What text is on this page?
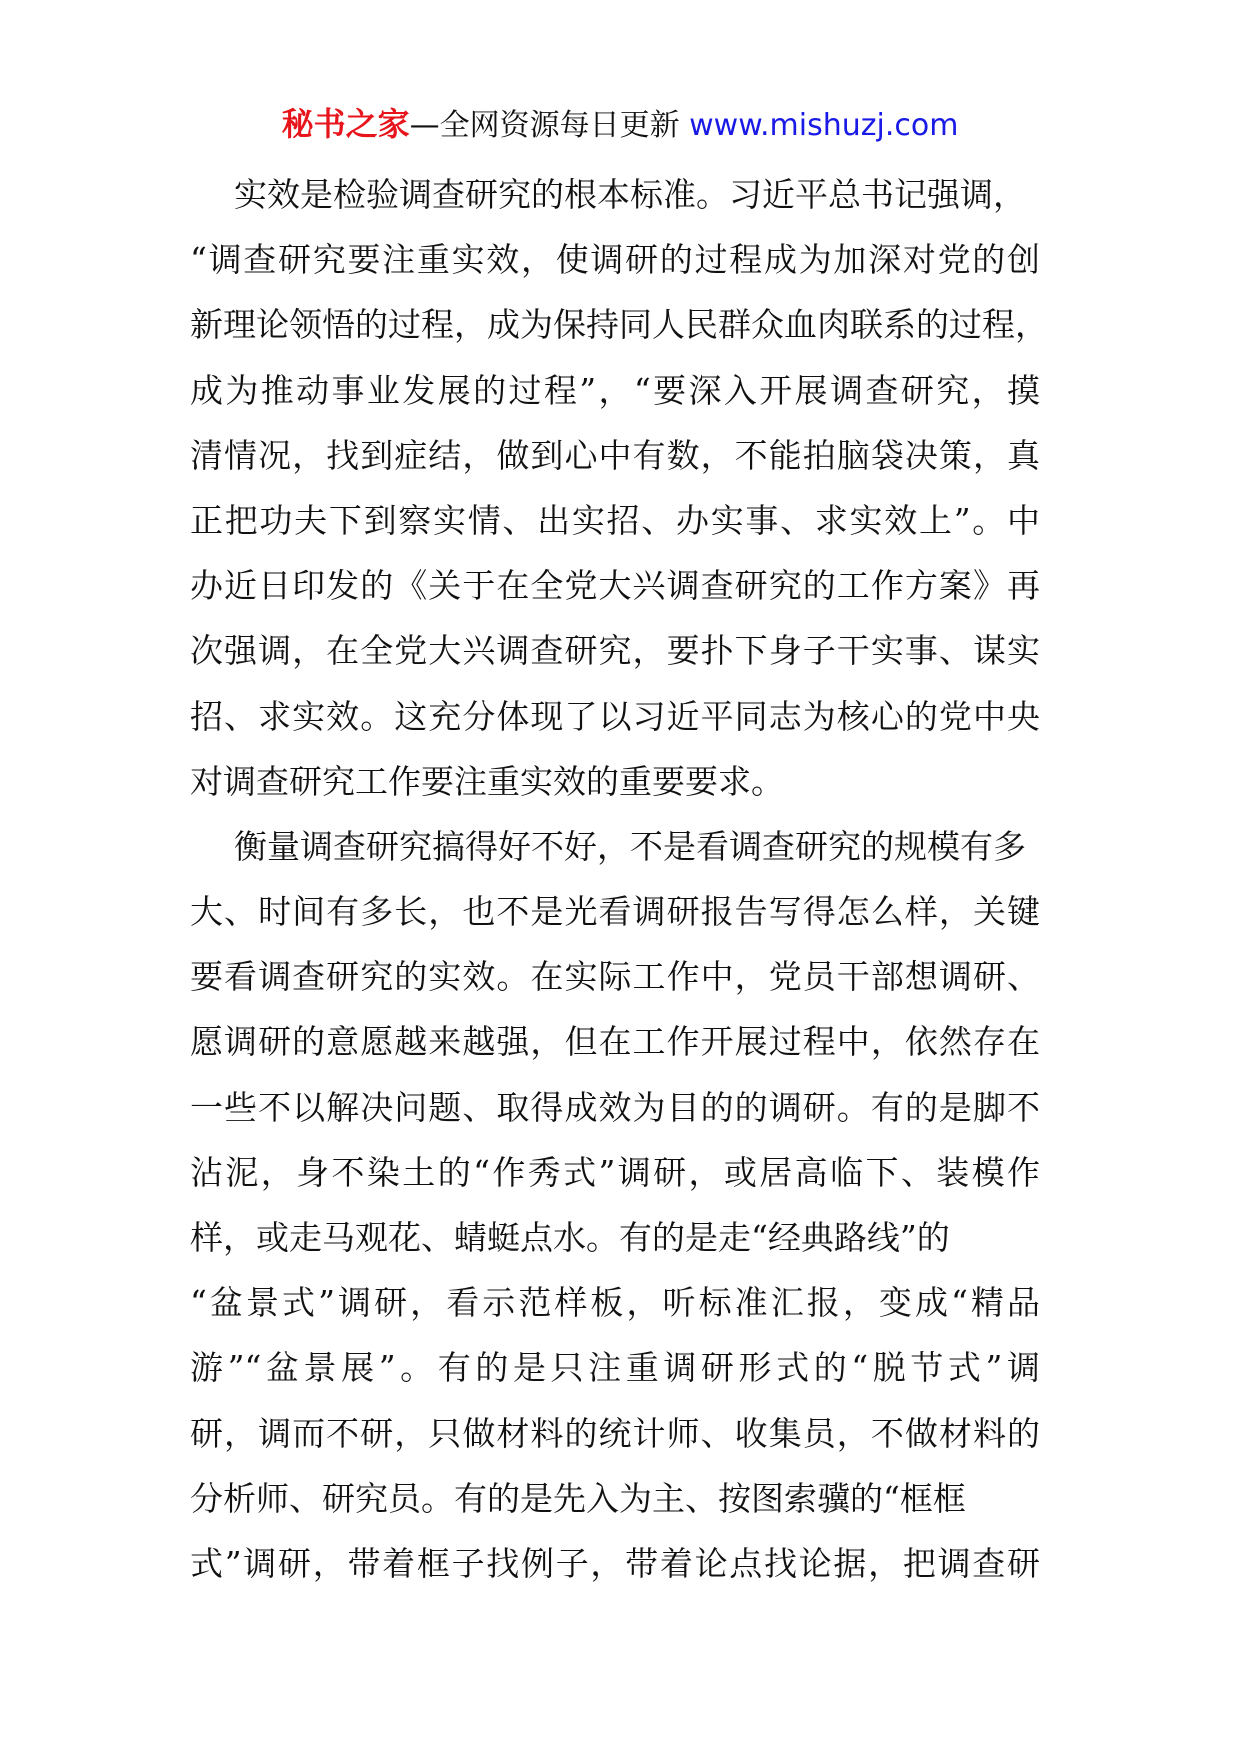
秘书之家—全网资源每日更新 www.mishuzj.com
实效是检验调查研究的根本标准。习近平总书记强调，
“调查研究要注重实效，使调研的过程成为加深对党的创
新理论领悟的过程，成为保持同人民群众血肉联系的过程，
成为推动事业发展的过程”，“要深入开展调查研究，摸
清情况，找到症结，做到心中有数，不能拍脑袋决策，真
正把功夫下到察实情、出实招、办实事、求实效上”。中
办近日印发的《关于在全党大兴调查研究的工作方案》再
次强调，在全党大兴调查研究，要扑下身子干实事、谋实
招、求实效。这充分体现了以习近平同志为核心的党中央
对调查研究工作要注重实效的重要要求。
衡量调查研究搞得好不好，不是看调查研究的规模有多
大、时间有多长，也不是光看调研报告写得怎么样，关键
要看调查研究的实效。在实际工作中，党员干部想调研、
愿调研的意愿越来越强，但在工作开展过程中，依然存在
一些不以解决问题、取得成效为目的的调研。有的是脚不
沾泥，身不染土的“作秀式”调研，或居高临下、装模作
样，或走马观花、蜻蜓点水。有的是走“经典路线”的
“盆景式”调研，看示范样板，听标准汇报，变成“精品
游”“盆景展”。有的是只注重调研形式的“脱节式”调
研，调而不研，只做材料的统计师、收集员，不做材料的
分析师、研究员。有的是先入为主、按图索骥的“框框
式”调研，带着框子找例子，带着论点找论据，把调查研
